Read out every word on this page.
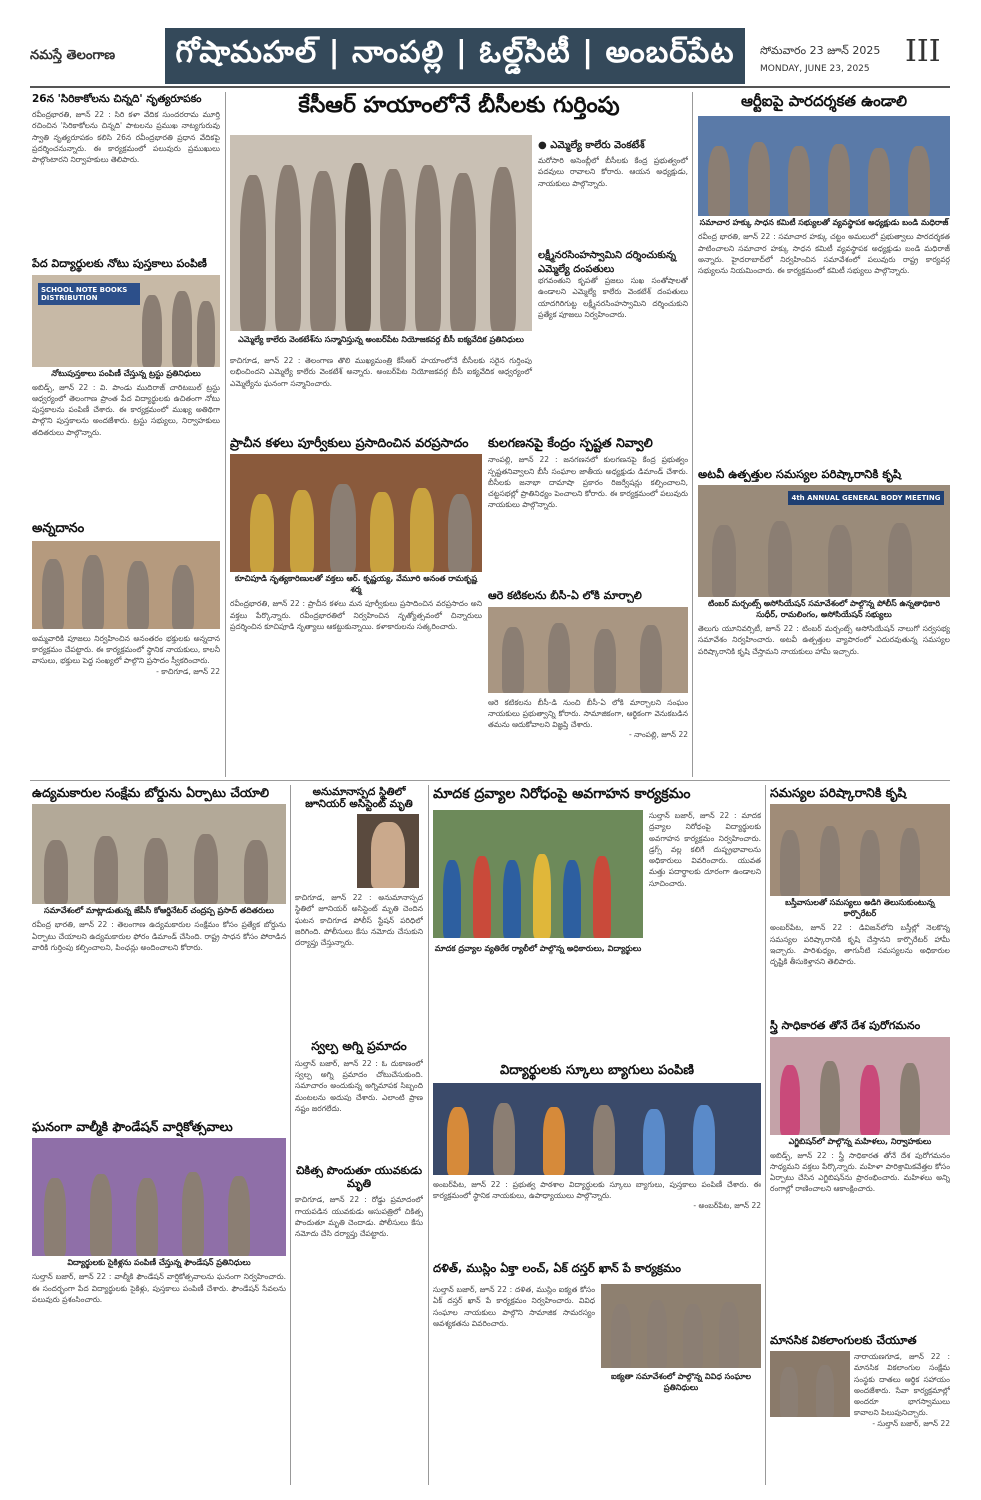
నమస్తే తెలంగాణ గోషామహల్ | నాంపల్లి | ఓల్డ్‌సిటీ | అంబర్‌పేట సోమవారం 23 జూన్ 2025
MONDAY, JUNE 23, 2025 III
26న 'సిరికాకోలను చిన్నది' నృత్యరూపకం
రవీంద్రభారతి, జూన్ 22 : సిరి కళా వేదిక సుందరరామ మూర్తి రచించిన 'సిరికాకోలను చిన్నది' పాటలను ప్రముఖ నాట్యగురువు స్వాతి నృత్యరూపకం కలిసి 26న రవీంద్రభారతి ప్రధాన వేదికపై ప్రదర్శించనున్నారు. ఈ కార్యక్రమంలో పలువురు ప్రముఖులు పాల్గొంటారని నిర్వాహకులు తెలిపారు.
పేద విద్యార్థులకు నోటు పుస్తకాలు పంపిణీ
SCHOOL NOTE BOOKS DISTRIBUTION
నోటుపుస్తకాలు పంపిణీ చేస్తున్న ట్రస్టు ప్రతినిధులు
అబిడ్స్, జూన్ 22 : వి. పాండు ముదిరాజ్ చారిటబుల్ ట్రస్టు ఆధ్వర్యంలో తెలంగాణ ప్రాంత పేద విద్యార్థులకు ఉచితంగా నోటు పుస్తకాలను పంపిణీ చేశారు. ఈ కార్యక్రమంలో ముఖ్య అతిథిగా పాల్గొని పుస్తకాలను అందజేశారు. ట్రస్టు సభ్యులు, నిర్వాహకులు తదితరులు పాల్గొన్నారు.
అన్నదానం
అమ్మవారికి పూజలు నిర్వహించిన అనంతరం భక్తులకు అన్నదాన కార్యక్రమం చేపట్టారు. ఈ కార్యక్రమంలో స్థానిక నాయకులు, కాలనీ వాసులు, భక్తులు పెద్ద సంఖ్యలో పాల్గొని ప్రసాదం స్వీకరించారు.
- కాచిగూడ, జూన్ 22
కేసీఆర్ హయాంలోనే బీసీలకు గుర్తింపు
ఎమ్మెల్యే కాలేరు వెంకటేశ్‌ను సన్మానిస్తున్న అంబర్‌పేట నియోజకవర్గ బీసీ ఐక్యవేదిక ప్రతినిధులు
● ఎమ్మెల్యే కాలేరు వెంకటేశ్
మరోసారి అసెంబ్లీలో బీసీలకు కేంద్ర ప్రభుత్వంలో పదవులు రావాలని కోరారు. ఆయన అధ్యక్షుడు, నాయకులు పాల్గొన్నారు.
లక్ష్మీనరసింహస్వామిని దర్శించుకున్న ఎమ్మెల్యే దంపతులు
భగవంతుని కృపతో ప్రజలు సుఖ సంతోషాలతో ఉండాలని ఎమ్మెల్యే కాలేరు వెంకటేశ్ దంపతులు యాదగిరిగుట్ట లక్ష్మీనరసింహస్వామిని దర్శించుకుని ప్రత్యేక పూజలు నిర్వహించారు.
కాచిగూడ, జూన్ 22 : తెలంగాణ తొలి ముఖ్యమంత్రి కేసీఆర్ హయాంలోనే బీసీలకు సరైన గుర్తింపు లభించిందని ఎమ్మెల్యే కాలేరు వెంకటేశ్ అన్నారు. అంబర్‌పేట నియోజకవర్గ బీసీ ఐక్యవేదిక ఆధ్వర్యంలో ఎమ్మెల్యేను ఘనంగా సన్మానించారు.
ఆర్టీఐపై పారదర్శకత ఉండాలి
సమాచార హక్కు సాధన కమిటీ సభ్యులతో వ్యవస్థాపక అధ్యక్షుడు బండి మధిరాజ్
రవీంద్ర భారతి, జూన్ 22 : సమాచార హక్కు చట్టం అమలులో ప్రభుత్వాలు పారదర్శకత పాటించాలని సమాచార హక్కు సాధన కమిటీ వ్యవస్థాపక అధ్యక్షుడు బండి మధిరాజ్ అన్నారు. హైదరాబాద్‌లో నిర్వహించిన సమావేశంలో పలువురు రాష్ట్ర కార్యవర్గ సభ్యులను నియమించారు. ఈ కార్యక్రమంలో కమిటీ సభ్యులు పాల్గొన్నారు.
ప్రాచీన కళలు పూర్వీకులు ప్రసాదించిన వరప్రసాదం
కూచిపూడి నృత్యకారిణులతో వక్తలు ఆర్. కృష్ణయ్య, వేమూరి అనంత రామకృష్ణ శర్మ
రవీంద్రభారతి, జూన్ 22 : ప్రాచీన కళలు మన పూర్వీకులు ప్రసాదించిన వరప్రసాదం అని వక్తలు పేర్కొన్నారు. రవీంద్రభారతిలో నిర్వహించిన నృత్యోత్సవంలో చిన్నారులు ప్రదర్శించిన కూచిపూడి నృత్యాలు ఆకట్టుకున్నాయి. కళాకారులను సత్కరించారు.
కులగణనపై కేంద్రం స్పష్టత నివ్వాలి
నాంపల్లి, జూన్ 22 : జనగణనలో కులగణనపై కేంద్ర ప్రభుత్వం స్పష్టతనివ్వాలని బీసీ సంఘాల జాతీయ అధ్యక్షుడు డిమాండ్ చేశారు. బీసీలకు జనాభా దామాషా ప్రకారం రిజర్వేషన్లు కల్పించాలని, చట్టసభల్లో ప్రాతినిధ్యం పెంచాలని కోరారు. ఈ కార్యక్రమంలో పలువురు నాయకులు పాల్గొన్నారు.
ఆరె కటికలను బీసీ-ఏ లోకి మార్చాలి
ఆరె కటికలను బీసీ-డి నుంచి బీసీ-ఏ లోకి మార్చాలని సంఘం నాయకులు ప్రభుత్వాన్ని కోరారు. సామాజికంగా, ఆర్థికంగా వెనుకబడిన తమను ఆదుకోవాలని విజ్ఞప్తి చేశారు.
- నాంపల్లి, జూన్ 22
అటవీ ఉత్పత్తుల సమస్యల పరిష్కారానికి కృషి
4th ANNUAL GENERAL BODY MEETING
టింబర్ మర్చంట్స్ అసోసియేషన్ సమావేశంలో పాల్గొన్న పోలీస్ ఉన్నతాధికారి సుధీర్, రామలింగం, అసోసియేషన్ సభ్యులు
తెలుగు యూనివర్సిటీ, జూన్ 22 : టింబర్ మర్చంట్స్ అసోసియేషన్ నాలుగో సర్వసభ్య సమావేశం నిర్వహించారు. అటవీ ఉత్పత్తుల వ్యాపారంలో ఎదురవుతున్న సమస్యల పరిష్కారానికి కృషి చేస్తామని నాయకులు హామీ ఇచ్చారు.
ఉద్యమకారుల సంక్షేమ బోర్డును ఏర్పాటు చేయాలి
సమావేశంలో మాట్లాడుతున్న జేపీసీ కోఆర్డినేటర్ చంద్రప్ప ప్రసాద్ తదితరులు
రవీంద్ర భారతి, జూన్ 22 : తెలంగాణ ఉద్యమకారుల సంక్షేమం కోసం ప్రత్యేక బోర్డును ఏర్పాటు చేయాలని ఉద్యమకారుల ఫోరం డిమాండ్ చేసింది. రాష్ట్ర సాధన కోసం పోరాడిన వారికి గుర్తింపు కల్పించాలని, పింఛన్లు అందించాలని కోరారు.
అనుమానాస్పద స్థితిలో జూనియర్ అసిస్టెంట్ మృతి
కాచిగూడ, జూన్ 22 : అనుమానాస్పద స్థితిలో జూనియర్ అసిస్టెంట్ మృతి చెందిన ఘటన కాచిగూడ పోలీస్ స్టేషన్ పరిధిలో జరిగింది. పోలీసులు కేసు నమోదు చేసుకుని దర్యాప్తు చేస్తున్నారు.
స్వల్ప అగ్ని ప్రమాదం
సుల్తాన్ బజార్, జూన్ 22 : ఓ దుకాణంలో స్వల్ప అగ్ని ప్రమాదం చోటుచేసుకుంది. సమాచారం అందుకున్న అగ్నిమాపక సిబ్బంది మంటలను అదుపు చేశారు. ఎలాంటి ప్రాణ నష్టం జరగలేదు.
చికిత్స పొందుతూ యువకుడు మృతి
కాచిగూడ, జూన్ 22 : రోడ్డు ప్రమాదంలో గాయపడిన యువకుడు ఆసుపత్రిలో చికిత్స పొందుతూ మృతి చెందాడు. పోలీసులు కేసు నమోదు చేసి దర్యాప్తు చేపట్టారు.
ఘనంగా వాల్మీకి ఫౌండేషన్ వార్షికోత్సవాలు
విద్యార్థులకు సైకిళ్లను పంపిణీ చేస్తున్న ఫౌండేషన్ ప్రతినిధులు
సుల్తాన్ బజార్, జూన్ 22 : వాల్మీకి ఫౌండేషన్ వార్షికోత్సవాలను ఘనంగా నిర్వహించారు. ఈ సందర్భంగా పేద విద్యార్థులకు సైకిళ్లు, పుస్తకాలు పంపిణీ చేశారు. ఫౌండేషన్ సేవలను పలువురు ప్రశంసించారు.
మాదక ద్రవ్యాల నిరోధంపై అవగాహన కార్యక్రమం
మాదక ద్రవ్యాల వ్యతిరేక ర్యాలీలో పాల్గొన్న అధికారులు, విద్యార్థులు
సుల్తాన్ బజార్, జూన్ 22 : మాదక ద్రవ్యాల నిరోధంపై విద్యార్థులకు అవగాహన కార్యక్రమం నిర్వహించారు. డ్రగ్స్ వల్ల కలిగే దుష్ప్రభావాలను అధికారులు వివరించారు. యువత మత్తు పదార్థాలకు దూరంగా ఉండాలని సూచించారు.
విద్యార్థులకు స్కూలు బ్యాగులు పంపిణీ
అంబర్‌పేట, జూన్ 22 : ప్రభుత్వ పాఠశాల విద్యార్థులకు స్కూలు బ్యాగులు, పుస్తకాలు పంపిణీ చేశారు. ఈ కార్యక్రమంలో స్థానిక నాయకులు, ఉపాధ్యాయులు పాల్గొన్నారు.
- అంబర్‌పేట, జూన్ 22
దళిత్, ముస్లిం ఏక్తా లంచ్, ఏక్ దస్తర్ ఖాన్ పే కార్యక్రమం
సుల్తాన్ బజార్, జూన్ 22 : దళిత, ముస్లిం ఐక్యత కోసం ఏక్ దస్తర్ ఖాన్ పే కార్యక్రమం నిర్వహించారు. వివిధ సంఘాల నాయకులు పాల్గొని సామాజిక సామరస్యం ఆవశ్యకతను వివరించారు.
ఐక్యతా సమావేశంలో పాల్గొన్న వివిధ సంఘాల ప్రతినిధులు
సమస్యల పరిష్కారానికి కృషి
బస్తీవాసులతో సమస్యలు అడిగి తెలుసుకుంటున్న కార్పొరేటర్
అంబర్‌పేట, జూన్ 22 : డివిజన్‌లోని బస్తీల్లో నెలకొన్న సమస్యల పరిష్కారానికి కృషి చేస్తానని కార్పొరేటర్ హామీ ఇచ్చారు. పారిశుధ్యం, తాగునీటి సమస్యలను అధికారుల దృష్టికి తీసుకెళ్తానని తెలిపారు.
స్త్రీ సాధికారత తోనే దేశ పురోగమనం
ఎగ్జిబిషన్‌లో పాల్గొన్న మహిళలు, నిర్వాహకులు
అబిడ్స్, జూన్ 22 : స్త్రీ సాధికారత తోనే దేశ పురోగమనం సాధ్యమని వక్తలు పేర్కొన్నారు. మహిళా పారిశ్రామికవేత్తల కోసం ఏర్పాటు చేసిన ఎగ్జిబిషన్‌ను ప్రారంభించారు. మహిళలు అన్ని రంగాల్లో రాణించాలని ఆకాంక్షించారు.
మానసిక వికలాంగులకు చేయూత
నారాయణగూడ, జూన్ 22 : మానసిక వికలాంగుల సంక్షేమ సంస్థకు దాతలు ఆర్థిక సహాయం అందజేశారు. సేవా కార్యక్రమాల్లో అందరూ భాగస్వాములు కావాలని పిలుపునిచ్చారు.
- సుల్తాన్ బజార్, జూన్ 22
